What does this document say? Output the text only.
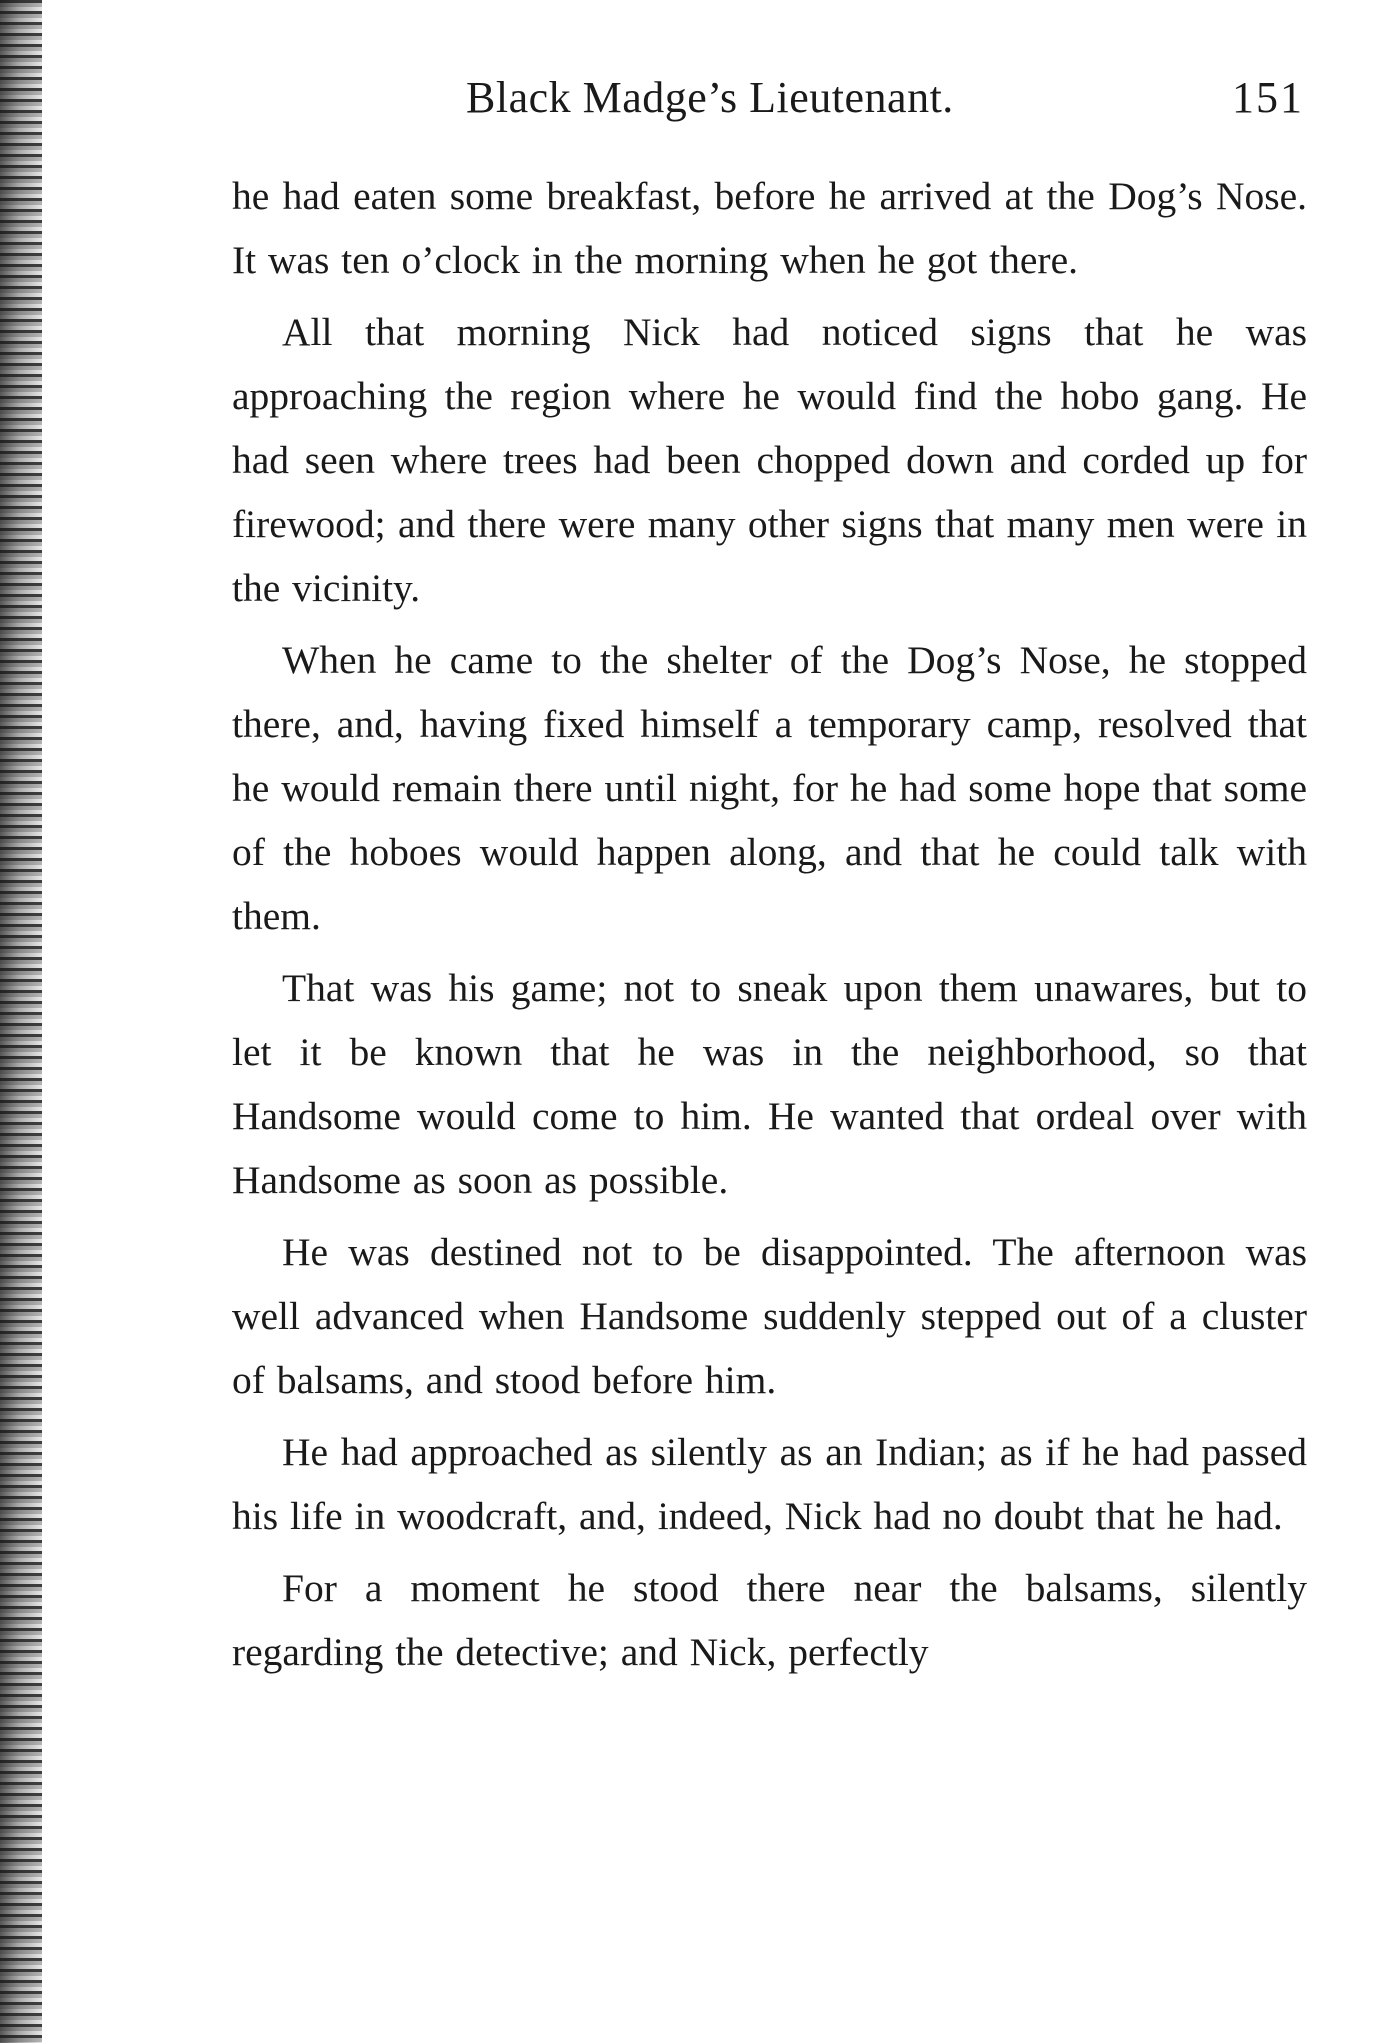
Black Madge’s Lieutenant.	151

he had eaten some breakfast, before he arrived at the Dog’s Nose. It was ten o’clock in the morning when he got there.

All that morning Nick had noticed signs that he was approaching the region where he would find the hobo gang. He had seen where trees had been chopped down and corded up for firewood; and there were many other signs that many men were in the vicinity.

When he came to the shelter of the Dog’s Nose, he stopped there, and, having fixed himself a temporary camp, resolved that he would remain there until night, for he had some hope that some of the hoboes would happen along, and that he could talk with them.

That was his game; not to sneak upon them unawares, but to let it be known that he was in the neighborhood, so that Handsome would come to him. He wanted that ordeal over with Handsome as soon as possible.

He was destined not to be disappointed. The afternoon was well advanced when Handsome suddenly stepped out of a cluster of balsams, and stood before him.

He had approached as silently as an Indian; as if he had passed his life in woodcraft, and, indeed, Nick had no doubt that he had.

For a moment he stood there near the balsams, silently regarding the detective; and Nick, perfectly
